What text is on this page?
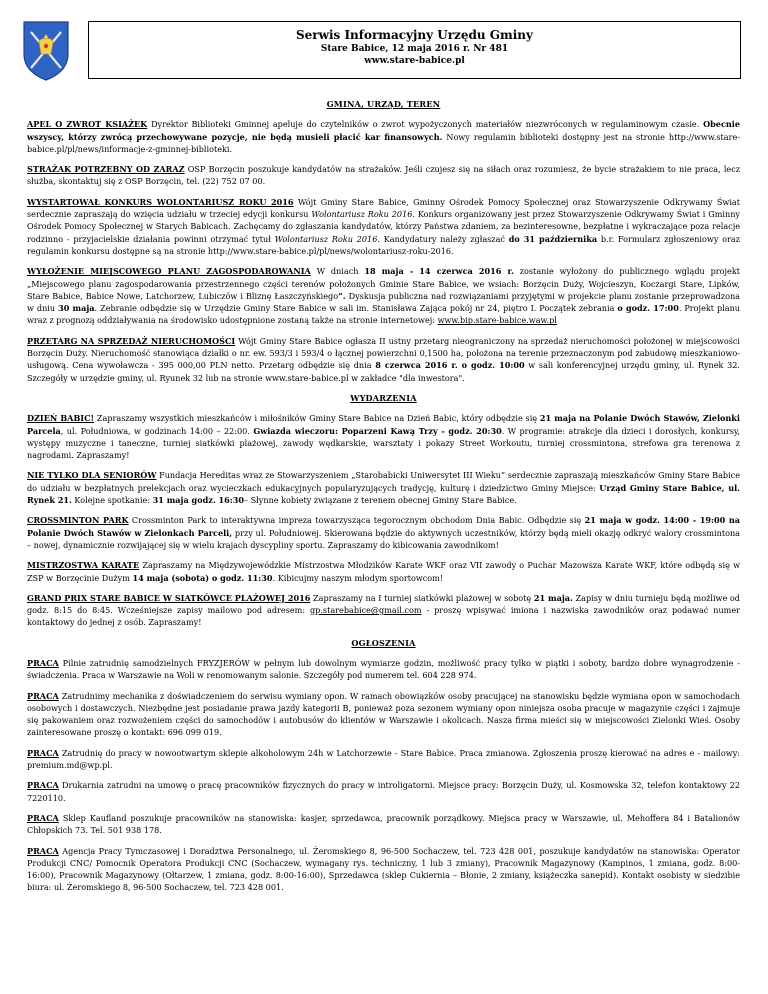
Serwis Informacyjny Urzędu Gminy
Stare Babice, 12 maja 2016 r. Nr 481
www.stare-babice.pl
GMINA, URZĄD, TEREN

APEL O ZWROT KSIĄŻEK Dyrektor Biblioteki Gminnej apeluje do czytelników o zwrot wypożyczonych materiałów niezwróconych w regulaminowym czasie. Obecnie wszyscy, którzy zwrócą przechowywane pozycje, nie będą musieli płacić kar finansowych. Nowy regulamin biblioteki dostępny jest na stronie http://www.stare-babice.pl/pl/news/informacje-z-gminnej-biblioteki.

STRAŻAK POTRZEBNY OD ZARAZ OSP Borzęcin poszukuje kandydatów na strażaków. Jeśli czujesz się na siłach oraz rozumiesz, że bycie strażakiem to nie praca, lecz służba, skontaktuj się z OSP Borzęcin, tel. (22) 752 07 00.

WYSTARTOWAŁ KONKURS WOLONTARIUSZ ROKU 2016 Wójt Gminy Stare Babice, Gminny Ośrodek Pomocy Społecznej oraz Stowarzyszenie Odkrywamy Świat serdecznie zapraszają do wzięcia udziału w trzeciej edycji konkursu Wolontariusz Roku 2016. Konkurs organizowany jest przez Stowarzyszenie Odkrywamy Świat i Gminny Ośrodek Pomocy Społecznej w Starych Babicach. Zachęcamy do zgłaszania kandydatów, którzy Państwa zdaniem, za bezinteresowne, bezpłatne i wykraczające poza relacje rodzinno - przyjacielskie działania powinni otrzymać tytuł Wolontariusz Roku 2016. Kandydatury należy zgłaszać do 31 października b.r. Formularz zgłoszeniowy oraz regulamin konkursu dostępne są na stronie http://www.stare-babice.pl/pl/news/wolontariusz-roku-2016.

WYŁOŻENIE MIEJSCOWEGO PLANU ZAGOSPODAROWANIA W dniach 18 maja - 14 czerwca 2016 r. zostanie wyłożony do publicznego wglądu projekt „Miejscowego planu zagospodarowania przestrzennego części terenów położonych Gminie Stare Babice, we wsiach: Borzęcin Duży, Wojcieszyn, Koczargi Stare, Lipków, Stare Babice, Babice Nowe, Latchorzew, Lubiczów i Bliznę Łaszczyńskiego”. Dyskusja publiczna nad rozwiązaniami przyjętymi w projekcie planu zostanie przeprowadzona w dniu 30 maja. Zebranie odbędzie się w Urzędzie Gminy Stare Babice w sali im. Stanisława Zająca pokój nr 24, piętro I. Początek zebrania o godz. 17:00. Projekt planu wraz z prognozą oddziaływania na środowisko udostępnione zostaną także na stronie internetowej: www.bip.stare-babice.waw.pl

PRZETARG NA SPRZEDAŻ NIERUCHOMOŚCI Wójt Gminy Stare Babice ogłasza II ustny przetarg nieograniczony na sprzedaż nieruchomości położonej w miejscowości Borzęcin Duży. Nieruchomość stanowiąca działki o nr. ew. 593/3 i 593/4 o łącznej powierzchni 0,1500 ha, położona na terenie przeznaczonym pod zabudowę mieszkaniowo-usługową. Cena wywoławcza - 395 000,00 PLN netto. Przetarg odbędzie się dnia 8 czerwca 2016 r. o godz. 10:00 w sali konferencyjnej urzędu gminy, ul. Rynek 32. Szczegóły w urzędzie gminy, ul. Ryunek 32 lub na stronie www.stare-babice.pl w zakładce "dla inwestora".

WYDARZENIA

DZIEŃ BABIC! Zapraszamy wszystkich mieszkańców i miłośników Gminy Stare Babice na Dzień Babic, który odbędzie się 21 maja na Polanie Dwóch Stawów, Zielonki Parcela, ul. Południowa, w godzinach 14:00 – 22:00. Gwiazda wieczoru: Poparzeni Kawą Trzy - godz. 20:30. W programie: atrakcje dla dzieci i dorosłych, konkursy, występy muzyczne i taneczne, turniej siatkówki plażowej, zawody wędkarskie, warsztaty i pokazy Street Workoutu, turniej crossmintona, strefowa gra terenowa z nagrodami. Zapraszamy!

NIE TYLKO DLA SENIORÓW Fundacja Hereditas wraz ze Stowarzyszeniem „Starobabicki Uniwersytet III Wieku” serdecznie zapraszają mieszkańców Gminy Stare Babice do udziału w bezpłatnych prelekcjach oraz wycieczkach edukacyjnych popularyzujących tradycję, kulturę i dziedzictwo Gminy Miejsce: Urząd Gminy Stare Babice, ul. Rynek 21. Kolejne spotkanie: 31 maja godz. 16:30– Słynne kobiety związane z terenem obecnej Gminy Stare Babice.

CROSSMINTON PARK Crossminton Park to interaktywna impreza towarzysząca tegorocznym obchodom Dnia Babic. Odbędzie się 21 maja w godz. 14:00 - 19:00 na Polanie Dwóch Stawów w Zielonkach Parceli, przy ul. Południowej. Skierowana będzie do aktywnych uczestników, którzy będą mieli okazję odkryć walory crossmintona – nowej, dynamicznie rozwijającej się w wielu krajach dyscypliny sportu. Zapraszamy do kibicowania zawodnikom!

MISTRZOSTWA KARATE Zapraszamy na Międzywojewódzkie Mistrzostwa Młodzików Karate WKF oraz VII zawody o Puchar Mazowsza Karate WKF, które odbędą się w ZSP w Borzęcinie Dużym 14 maja (sobota) o godz. 11:30. Kibicujmy naszym młodym sportowcom!

GRAND PRIX STARE BABICE W SIATKÓWCE PLAŻOWEJ 2016 Zapraszamy na I turniej siatkówki plażowej w sobotę 21 maja. Zapisy w dniu turnieju będą możliwe od godz. 8:15 do 8:45. Wcześniejsze zapisy mailowo pod adresem: gp.starebabice@gmail.com - proszę wpisywać imiona i nazwiska zawodników oraz podawać numer kontaktowy do jednej z osób. Zapraszamy!

OGŁOSZENIA

PRACA Pilnie zatrudnię samodzielnych FRYZJERÓW w pełnym lub dowolnym wymiarze godzin, możliwość pracy tylko w piątki i soboty, bardzo dobre wynagrodzenie - świadczenia. Praca w Warszawie na Woli w renomowanym salonie. Szczegóły pod numerem tel. 604 228 974.

PRACA Zatrudnimy mechanika z doświadczeniem do serwisu wymiany opon. W ramach obowiązków osoby pracującej na stanowisku będzie wymiana opon w samochodach osobowych i dostawczych. Niezbędne jest posiadanie prawa jazdy kategorii B, ponieważ poza sezonem wymiany opon niniejsza osoba pracuje w magazynie części i zajmuje się pakowaniem oraz rozwożeniem części do samochodów i autobusów do klientów w Warszawie i okolicach. Nasza firma mieści się w miejscowości Zielonki Wieś. Osoby zainteresowane proszę o kontakt: 696 099 019.

PRACA Zatrudnię do pracy w nowootwartym sklepie alkoholowym 24h w Latchorzewie - Stare Babice. Praca zmianowa. Zgłoszenia proszę kierować na adres e - mailowy: premium.md@wp.pl.

PRACA Drukarnia zatrudni na umowę o pracę pracowników fizycznych do pracy w introligatorni. Miejsce pracy: Borzęcin Duży, ul. Kosmowska 32, telefon kontaktowy 22 7220110.

PRACA Sklep Kaufland poszukuje pracowników na stanowiska: kasjer, sprzedawca, pracownik porządkowy. Miejsca pracy w Warszawie, ul. Mehoffera 84 i Batalionów Chłopskich 73. Tel. 501 938 178.

PRACA Agencja Pracy Tymczasowej i Doradztwa Personalnego, ul. Żeromskiego 8, 96-500 Sochaczew, tel. 723 428 001, poszukuje kandydatów na stanowiska: Operator Produkcji CNC/ Pomocnik Operatora Produkcji CNC (Sochaczew, wymagany rys. techniczny, 1 lub 3 zmiany), Pracownik Magazynowy (Kampinos, 1 zmiana, godz. 8:00-16:00), Pracownik Magazynowy (Ołtarzew, 1 zmiana, godz. 8:00-16:00), Sprzedawca (sklep Cukiernia – Błonie, 2 zmiany, książeczka sanepid). Kontakt osobisty w siedzibie biura: ul. Żeromskiego 8, 96-500 Sochaczew, tel. 723 428 001.
